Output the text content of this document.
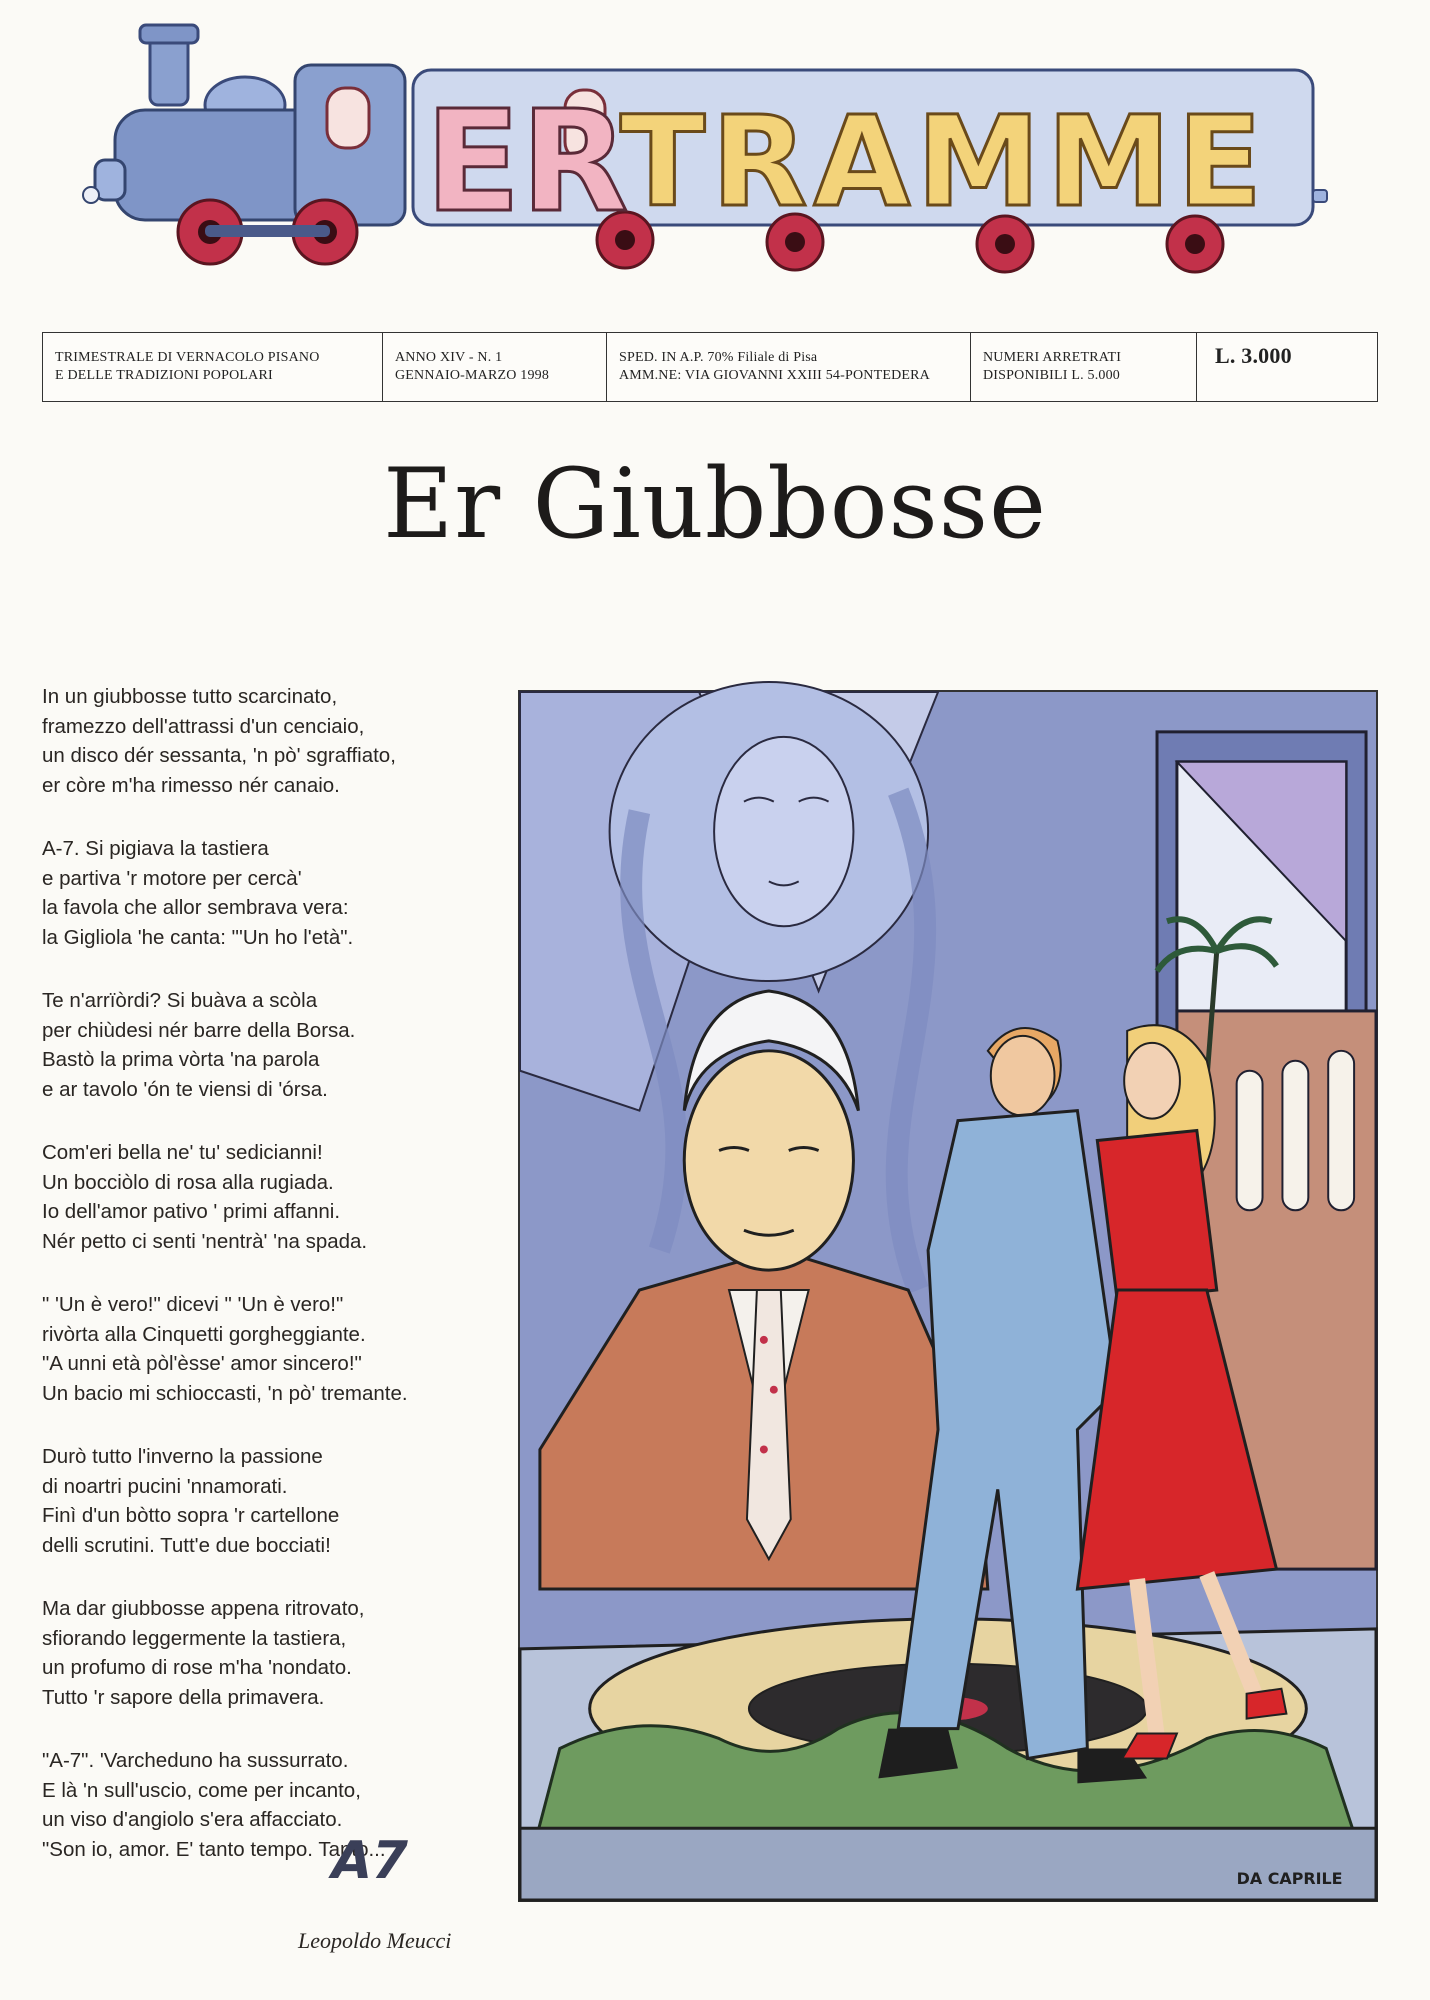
ER
TRAMME
TRIMESTRALE DI VERNACOLO PISANO
E DELLE TRADIZIONI POPOLARI
ANNO XIV - N. 1
GENNAIO-MARZO 1998
SPED. IN A.P. 70% Filiale di Pisa
AMM.NE: VIA GIOVANNI XXIII 54-PONTEDERA
NUMERI ARRETRATI
DISPONIBILI L. 5.000
L. 3.000
Er Giubbosse
In un giubbosse tutto scarcinato,
framezzo dell'attrassi d'un cenciaio,
un disco dér sessanta, 'n pò' sgraffiato,
er còre m'ha rimesso nér canaio.
A-7. Si pigiava la tastiera
e partiva 'r motore per cercà'
la favola che allor sembrava vera:
la Gigliola 'he canta: "'Un ho l'età".
Te n'arrïòrdi? Si buàva a scòla
per chiùdesi nér barre della Borsa.
Bastò la prima vòrta 'na parola
e ar tavolo 'ón te viensi di 'órsa.
Com'eri bella ne' tu' sedicianni!
Un bocciòlo di rosa alla rugiada.
Io dell'amor pativo ' primi affanni.
Nér petto ci senti 'nentrà' 'na spada.
" 'Un è vero!" dicevi " 'Un è vero!"
rivòrta alla Cinquetti gorgheggiante.
"A unni età pòl'èsse' amor sincero!"
Un bacio mi schioccasti, 'n pò' tremante.
Durò tutto l'inverno la passione
di noartri pucini 'nnamorati.
Finì d'un bòtto sopra 'r cartellone
delli scrutini. Tutt'e due bocciati!
Ma dar giubbosse appena ritrovato,
sfiorando leggermente la tastiera,
un profumo di rose m'ha 'nondato.
Tutto 'r sapore della primavera.
"A-7". 'Varcheduno ha sussurrato.
E là 'n sull'uscio, come per incanto,
un viso d'angiolo s'era affacciato.
"Son io, amor. E' tanto tempo. Tanto..."
Leopoldo Meucci
A7	DA CAPRILE
